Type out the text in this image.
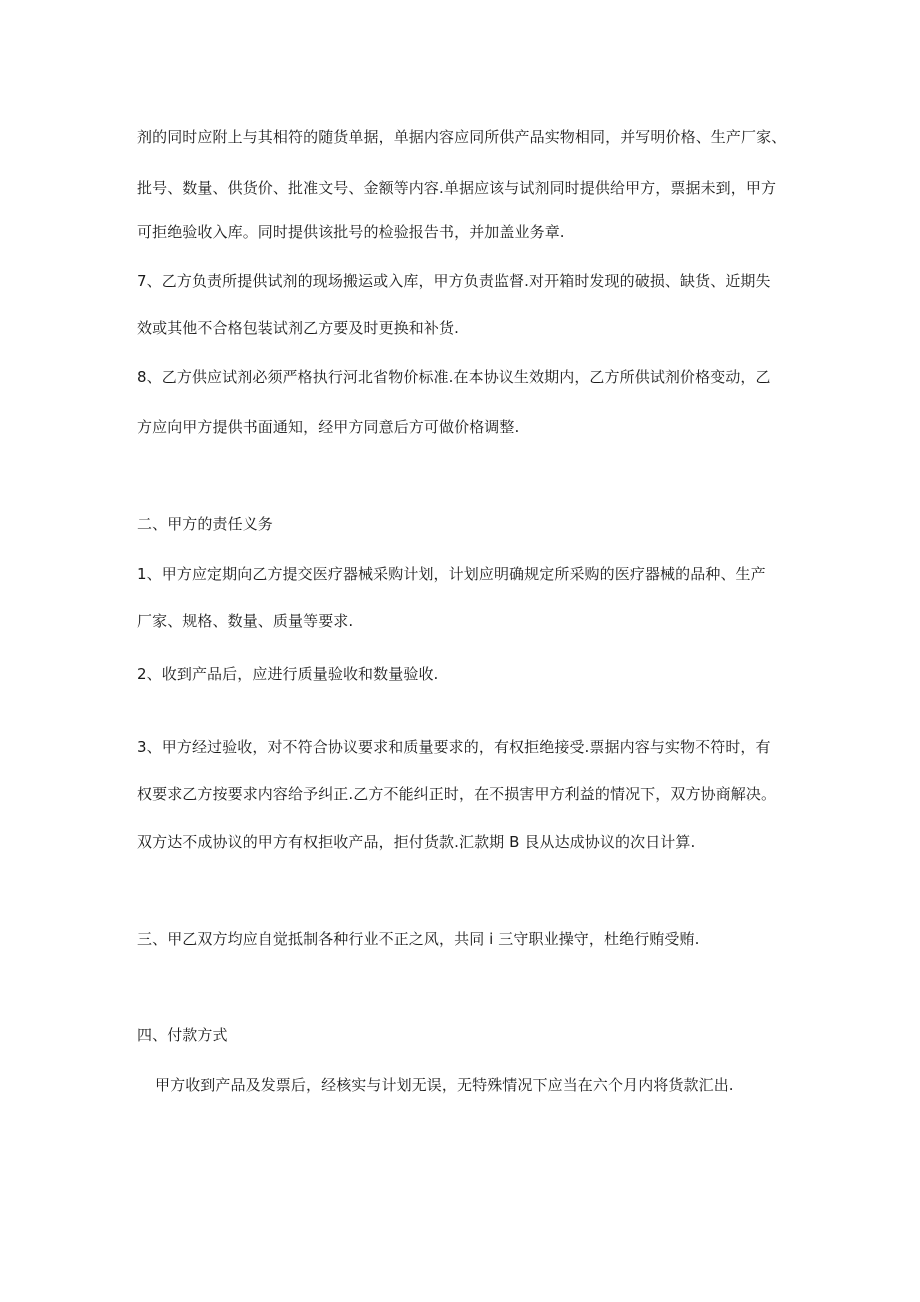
剂的同时应附上与其相符的随货单据，单据内容应同所供产品实物相同，并写明价格、生产厂家、
批号、数量、供货价、批准文号、金额等内容.单据应该与试剂同时提供给甲方，票据未到，甲方
可拒绝验收入库。同时提供该批号的检验报告书，并加盖业务章.
7、乙方负责所提供试剂的现场搬运或入库，甲方负责监督.对开箱时发现的破损、缺货、近期失
效或其他不合格包装试剂乙方要及时更换和补货.
8、乙方供应试剂必须严格执行河北省物价标准.在本协议生效期内，乙方所供试剂价格变动，乙
方应向甲方提供书面通知，经甲方同意后方可做价格调整.
二、甲方的责任义务
1、甲方应定期向乙方提交医疗器械采购计划，计划应明确规定所采购的医疗器械的品种、生产
厂家、规格、数量、质量等要求.
2、收到产品后，应进行质量验收和数量验收.
3、甲方经过验收，对不符合协议要求和质量要求的，有权拒绝接受.票据内容与实物不符时，有
权要求乙方按要求内容给予纠正.乙方不能纠正时，在不损害甲方利益的情况下，双方协商解决。
双方达不成协议的甲方有权拒收产品，拒付货款.汇款期 B 艮从达成协议的次日计算.
三、甲乙双方均应自觉抵制各种行业不正之风，共同 i 三守职业操守，杜绝行贿受贿.
四、付款方式
甲方收到产品及发票后，经核实与计划无误，无特殊情况下应当在六个月内将货款汇出.
